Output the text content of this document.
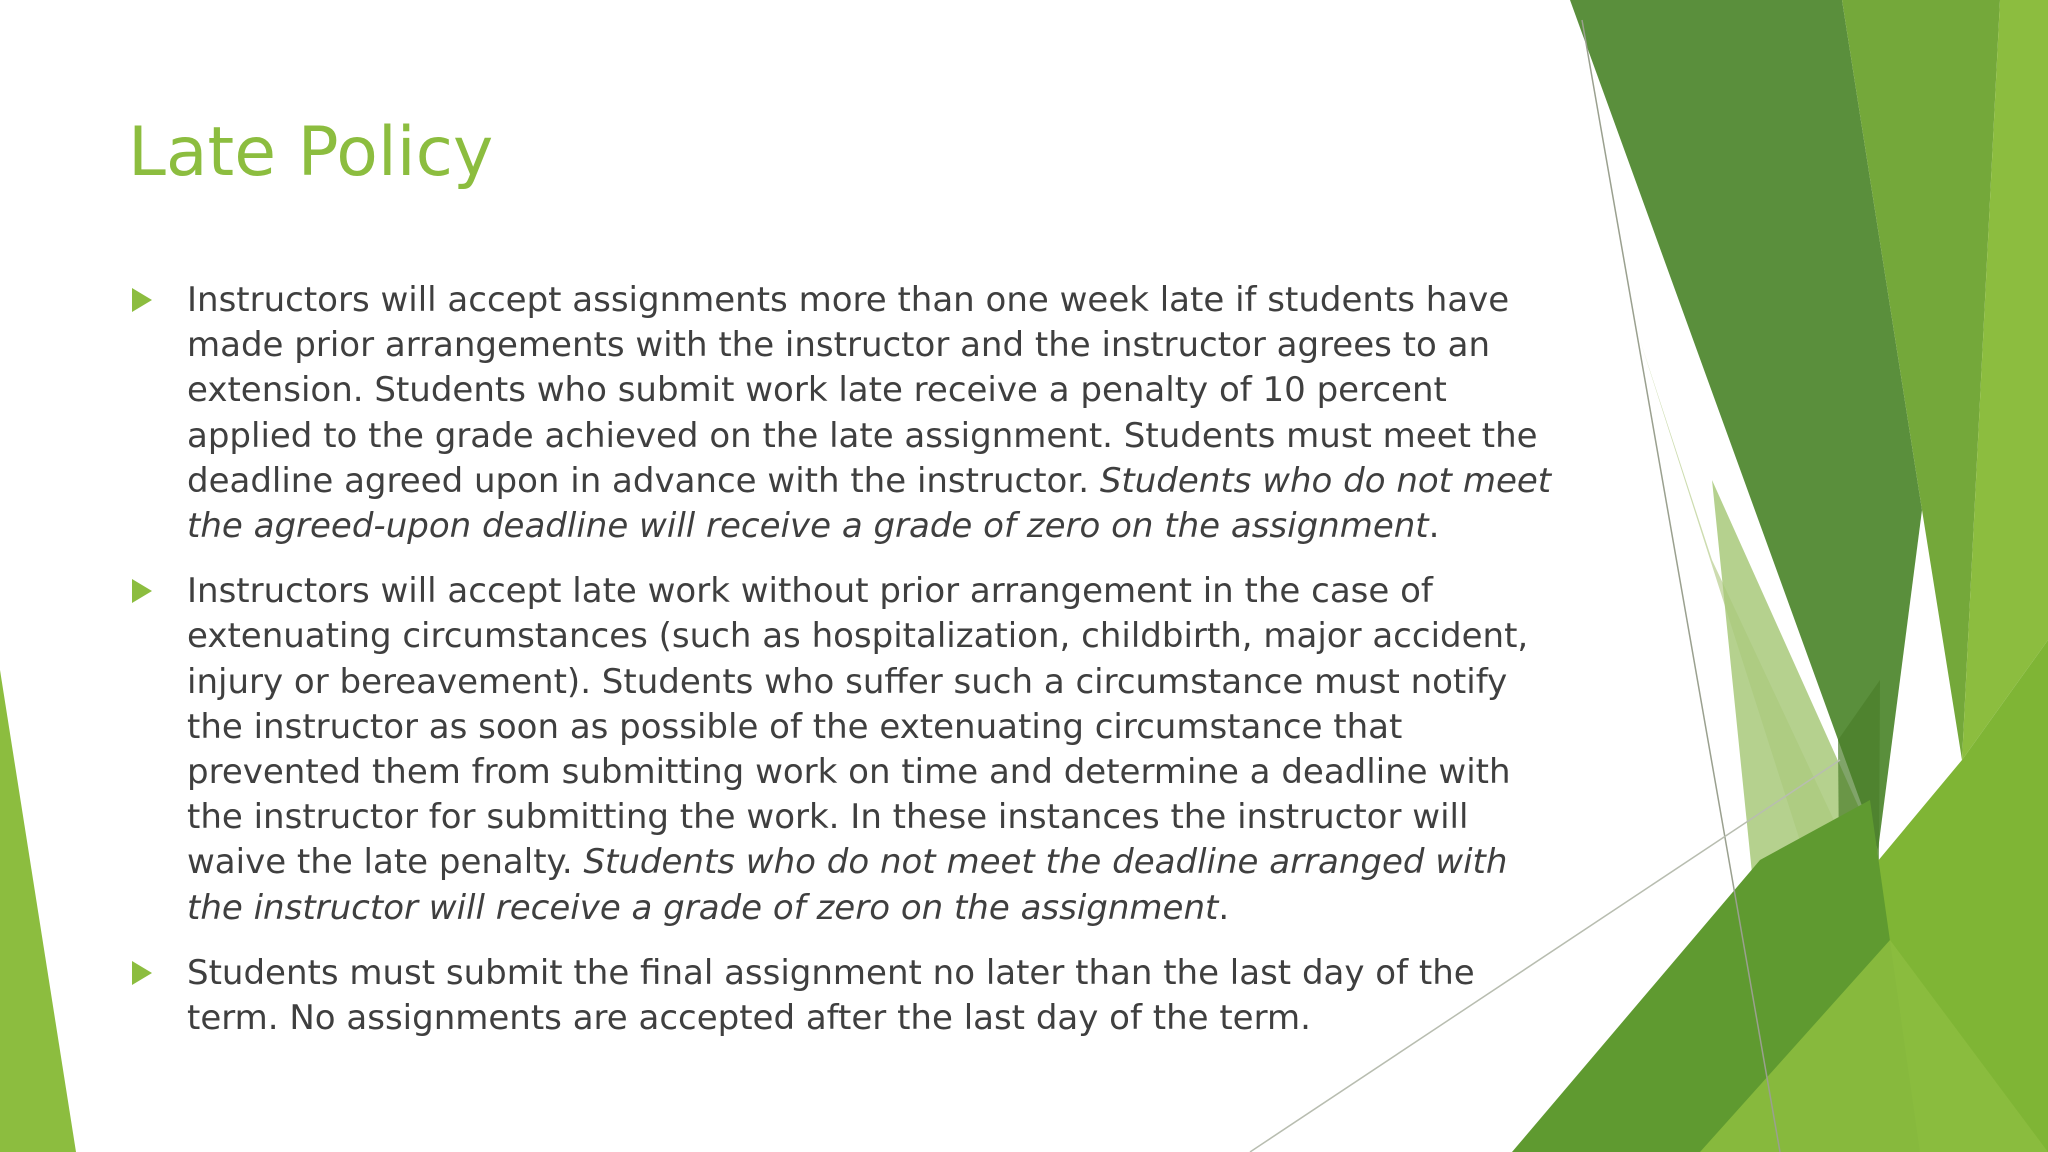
Late Policy
Instructors will accept assignments more than one week late if students have made prior arrangements with the instructor and the instructor agrees to an extension. Students who submit work late receive a penalty of 10 percent applied to the grade achieved on the late assignment. Students must meet the deadline agreed upon in advance with the instructor. Students who do not meet the agreed-upon deadline will receive a grade of zero on the assignment.
Instructors will accept late work without prior arrangement in the case of extenuating circumstances (such as hospitalization, childbirth, major accident, injury or bereavement). Students who suffer such a circumstance must notify the instructor as soon as possible of the extenuating circumstance that prevented them from submitting work on time and determine a deadline with the instructor for submitting the work. In these instances the instructor will waive the late penalty. Students who do not meet the deadline arranged with the instructor will receive a grade of zero on the assignment.
Students must submit the final assignment no later than the last day of the term. No assignments are accepted after the last day of the term.
